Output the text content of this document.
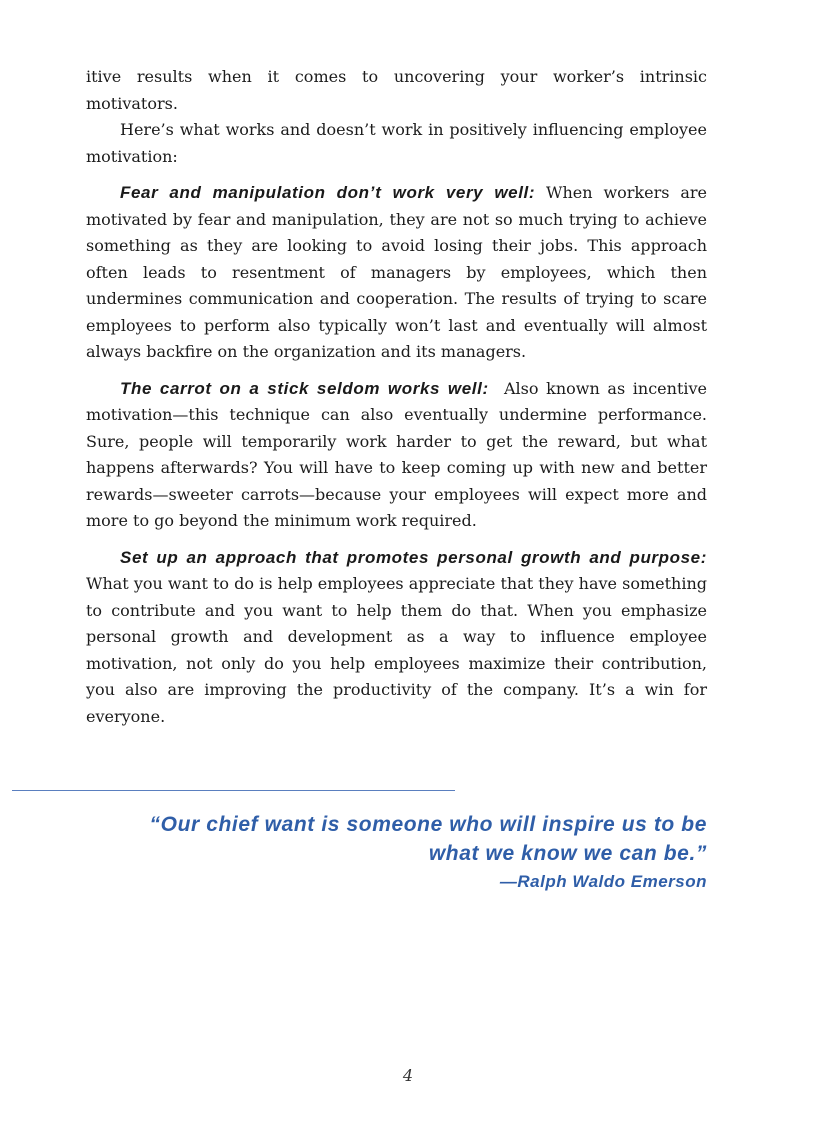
itive results when it comes to uncovering your worker’s intrinsic motivators.

Here’s what works and doesn’t work in positively influencing employee motivation:

Fear and manipulation don’t work very well: When workers are motivated by fear and manipulation, they are not so much trying to achieve something as they are looking to avoid losing their jobs. This approach often leads to resentment of managers by employees, which then undermines communication and cooperation. The results of trying to scare employees to perform also typically won’t last and eventually will almost always backfire on the organization and its managers.

The carrot on a stick seldom works well: Also known as incentive motivation—this technique can also eventually undermine performance. Sure, people will temporarily work harder to get the reward, but what happens afterwards? You will have to keep coming up with new and better rewards—sweeter carrots—because your employees will expect more and more to go beyond the minimum work required.

Set up an approach that promotes personal growth and purpose: What you want to do is help employees appreciate that they have something to contribute and you want to help them do that. When you emphasize personal growth and development as a way to influence employee motivation, not only do you help employees maximize their contribution, you also are improving the productivity of the company. It’s a win for everyone.

“Our chief want is someone who will inspire us to be
what we know we can be.”
—Ralph Waldo Emerson
4
